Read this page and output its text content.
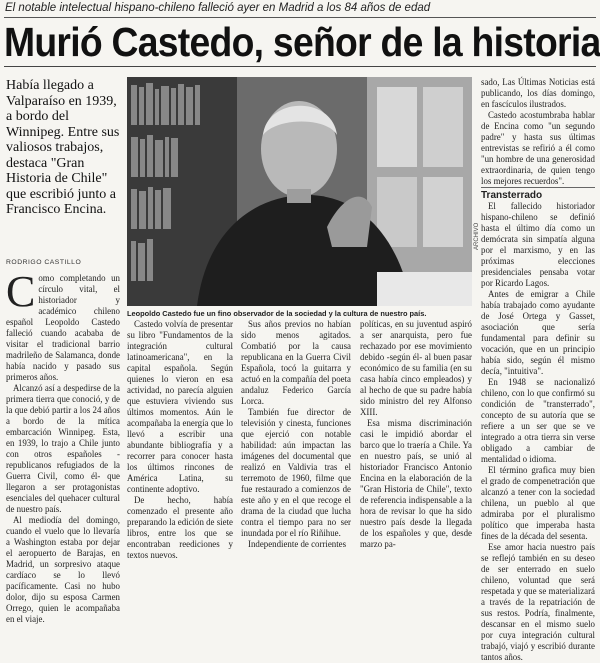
El notable intelectual hispano-chileno falleció ayer en Madrid a los 84 años de edad
Murió Castedo, señor de la historia
Había llegado a Valparaíso en 1939, a bordo del Winnipeg. Entre sus valiosos trabajos, destaca "Gran Historia de Chile" que escribió junto a Francisco Encina.
ARCHIVO
Leopoldo Castedo fue un fino observador de la sociedad y la cultura de nuestro país.
RODRIGO CASTILLO

Como completando un círculo vital, el historiador y académico chileno español Leopoldo Castedo falleció cuando acababa de visitar el tradicional barrio madrileño de Salamanca, donde había nacido y pasado sus primeros años.

Alcanzó así a despedirse de la primera tierra que conoció, y de la que debió partir a los 24 años a bordo de la mítica embarcación Winnipeg. Esta, en 1939, lo trajo a Chile junto con otros españoles -republicanos refugiados de la Guerra Civil, como él- que llegaron a ser protagonistas esenciales del quehacer cultural de nuestro país.

Al mediodía del domingo, cuando el vuelo que lo llevaría a Washington estaba por dejar el aeropuerto de Barajas, en Madrid, un sorpresivo ataque cardíaco se lo llevó pacíficamente. Casi no hubo dolor, dijo su esposa Carmen Orrego, quien le acompañaba en el viaje.

Castedo volvía de presentar su libro "Fundamentos de la integración cultural latinoamericana", en la capital española. Según quienes lo vieron en esa actividad, no parecía alguien que estuviera viviendo sus últimos momentos. Aún le acompañaba la energía que lo llevó a escribir una abundante bibliografía y a recorrer para conocer hasta los últimos rincones de América Latina, su continente adoptivo.

De hecho, había comenzado el presente año preparando la edición de siete libros, entre los que se encontraban reediciones y textos nuevos.

Sus años previos no habían sido menos agitados. Combatió por la causa republicana en la Guerra Civil Española, tocó la guitarra y actuó en la compañía del poeta andaluz Federico García Lorca.

También fue director de televisión y cinesta, funciones que ejerció con notable habilidad: aún impactan las imágenes del documental que realizó en Valdivia tras el terremoto de 1960, filme que fue restaurado a comienzos de este año y en el que recoge el drama de la ciudad que lucha contra el tiempo para no ser inundada por el río Riñihue.

Independiente de corrientes

políticas, en su juventud aspiró a ser anarquista, pero fue rechazado por ese movimiento debido -según él- al buen pasar económico de su familia (en su casa había cinco empleados) y al hecho de que su padre había sido ministro del rey Alfonso XIII.

Esa misma discriminación casi le impidió abordar el barco que lo traería a Chile. Ya en nuestro país, se unió al historiador Francisco Antonio Encina en la elaboración de la "Gran Historia de Chile", texto de referencia indispensable a la hora de revisar lo que ha sido nuestro país desde la llegada de los españoles y que, desde marzo pa-

sado, Las Últimas Noticias está publicando, los días domingo, en fascículos ilustrados.

Castedo acostumbraba hablar de Encina como "un segundo padre" y hasta sus últimas entrevistas se refirió a él como "un hombre de una generosidad extraordinaria, de quien tengo los mejores recuerdos".

Transterrado

El fallecido historiador hispano-chileno se definió hasta el último día como un demócrata sin simpatía alguna por el marxismo, y en las próximas elecciones presidenciales pensaba votar por Ricardo Lagos.

Antes de emigrar a Chile había trabajado como ayudante de José Ortega y Gasset, asociación que sería fundamental para definir su vocación, que en un principio había sido, según él mismo decía, "intuitiva".

En 1948 se nacionalizó chileno, con lo que confirmó su condición de "transterrado", concepto de su autoría que se refiere a un ser que se ve integrado a otra tierra sin verse obligado a cambiar de mentalidad o idioma.

El término grafica muy bien el grado de compenetración que alcanzó a tener con la sociedad chilena, un pueblo al que admiraba por el pluralismo político que imperaba hasta fines de la década del sesenta.

Ese amor hacia nuestro país se reflejó también en su deseo de ser enterrado en suelo chileno, voluntad que será respetada y que se materializará a través de la repatriación de sus restos. Podría, finalmente, descansar en el mismo suelo por cuya integración cultural trabajó, viajó y escribió durante tantos años.
